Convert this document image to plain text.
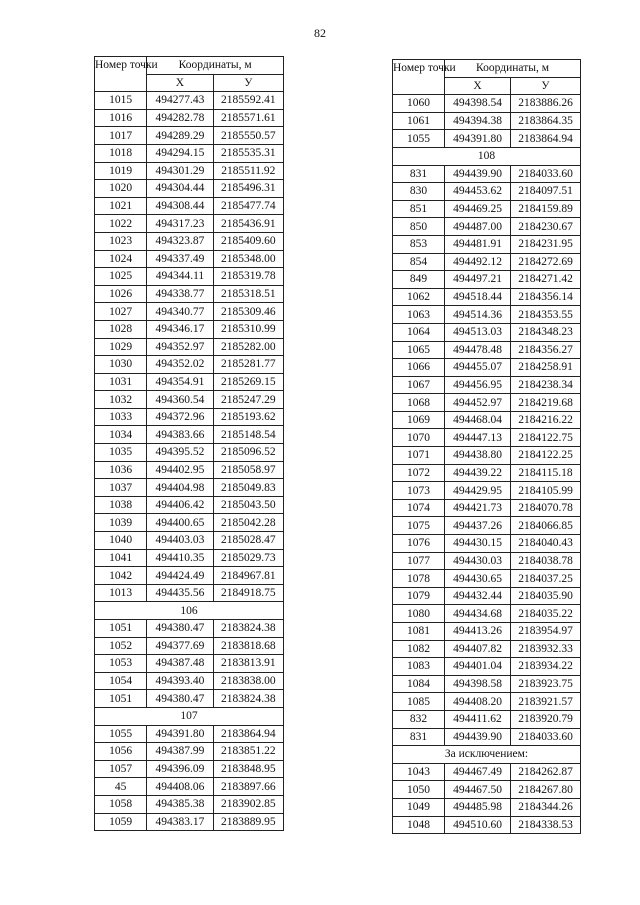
82
Номер точки	Координаты, м	
	Х	У
1015	494277.43	2185592.41
1016	494282.78	2185571.61
1017	494289.29	2185550.57
1018	494294.15	2185535.31
1019	494301.29	2185511.92
1020	494304.44	2185496.31
1021	494308.44	2185477.74
1022	494317.23	2185436.91
1023	494323.87	2185409.60
1024	494337.49	2185348.00
1025	494344.11	2185319.78
1026	494338.77	2185318.51
1027	494340.77	2185309.46
1028	494346.17	2185310.99
1029	494352.97	2185282.00
1030	494352.02	2185281.77
1031	494354.91	2185269.15
1032	494360.54	2185247.29
1033	494372.96	2185193.62
1034	494383.66	2185148.54
1035	494395.52	2185096.52
1036	494402.95	2185058.97
1037	494404.98	2185049.83
1038	494406.42	2185043.50
1039	494400.65	2185042.28
1040	494403.03	2185028.47
1041	494410.35	2185029.73
1042	494424.49	2184967.81
1013	494435.56	2184918.75
106		
1051	494380.47	2183824.38
1052	494377.69	2183818.68
1053	494387.48	2183813.91
1054	494393.40	2183838.00
1051	494380.47	2183824.38
107		
1055	494391.80	2183864.94
1056	494387.99	2183851.22
1057	494396.09	2183848.95
45	494408.06	2183897.66
1058	494385.38	2183902.85
1059	494383.17	2183889.95
Номер точки	Координаты, м	
	Х	У
1060	494398.54	2183886.26
1061	494394.38	2183864.35
1055	494391.80	2183864.94
108		
831	494439.90	2184033.60
830	494453.62	2184097.51
851	494469.25	2184159.89
850	494487.00	2184230.67
853	494481.91	2184231.95
854	494492.12	2184272.69
849	494497.21	2184271.42
1062	494518.44	2184356.14
1063	494514.36	2184353.55
1064	494513.03	2184348.23
1065	494478.48	2184356.27
1066	494455.07	2184258.91
1067	494456.95	2184238.34
1068	494452.97	2184219.68
1069	494468.04	2184216.22
1070	494447.13	2184122.75
1071	494438.80	2184122.25
1072	494439.22	2184115.18
1073	494429.95	2184105.99
1074	494421.73	2184070.78
1075	494437.26	2184066.85
1076	494430.15	2184040.43
1077	494430.03	2184038.78
1078	494430.65	2184037.25
1079	494432.44	2184035.90
1080	494434.68	2184035.22
1081	494413.26	2183954.97
1082	494407.82	2183932.33
1083	494401.04	2183934.22
1084	494398.58	2183923.75
1085	494408.20	2183921.57
832	494411.62	2183920.79
831	494439.90	2184033.60
За исключением:		
1043	494467.49	2184262.87
1050	494467.50	2184267.80
1049	494485.98	2184344.26
1048	494510.60	2184338.53
